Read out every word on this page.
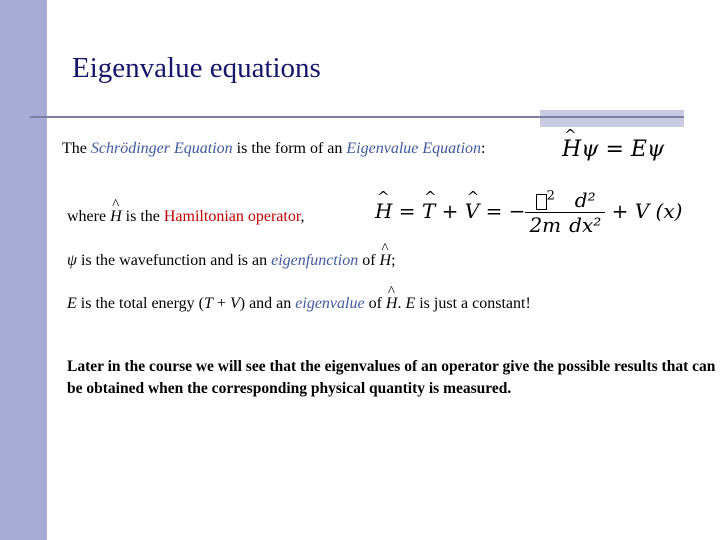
Eigenvalue equations
The Schrödinger Equation is the form of an Eigenvalue Equation:	^ Hψ = Eψ
where ^ H is the Hamiltonian operator,	^ H = ^ T + ^ V = − $\frac{^2}{2m} \frac{\text{d²}}{\text{dx²}} + V$ (x)
ψ is the wavefunction and is an eigenfunction of ^ H;
E is the total energy (T + V) and an eigenvalue of ^ H. E is just a constant!
Later in the course we will see that the eigenvalues of an operator give the possible results that can be obtained when the corresponding physical quantity is measured.
